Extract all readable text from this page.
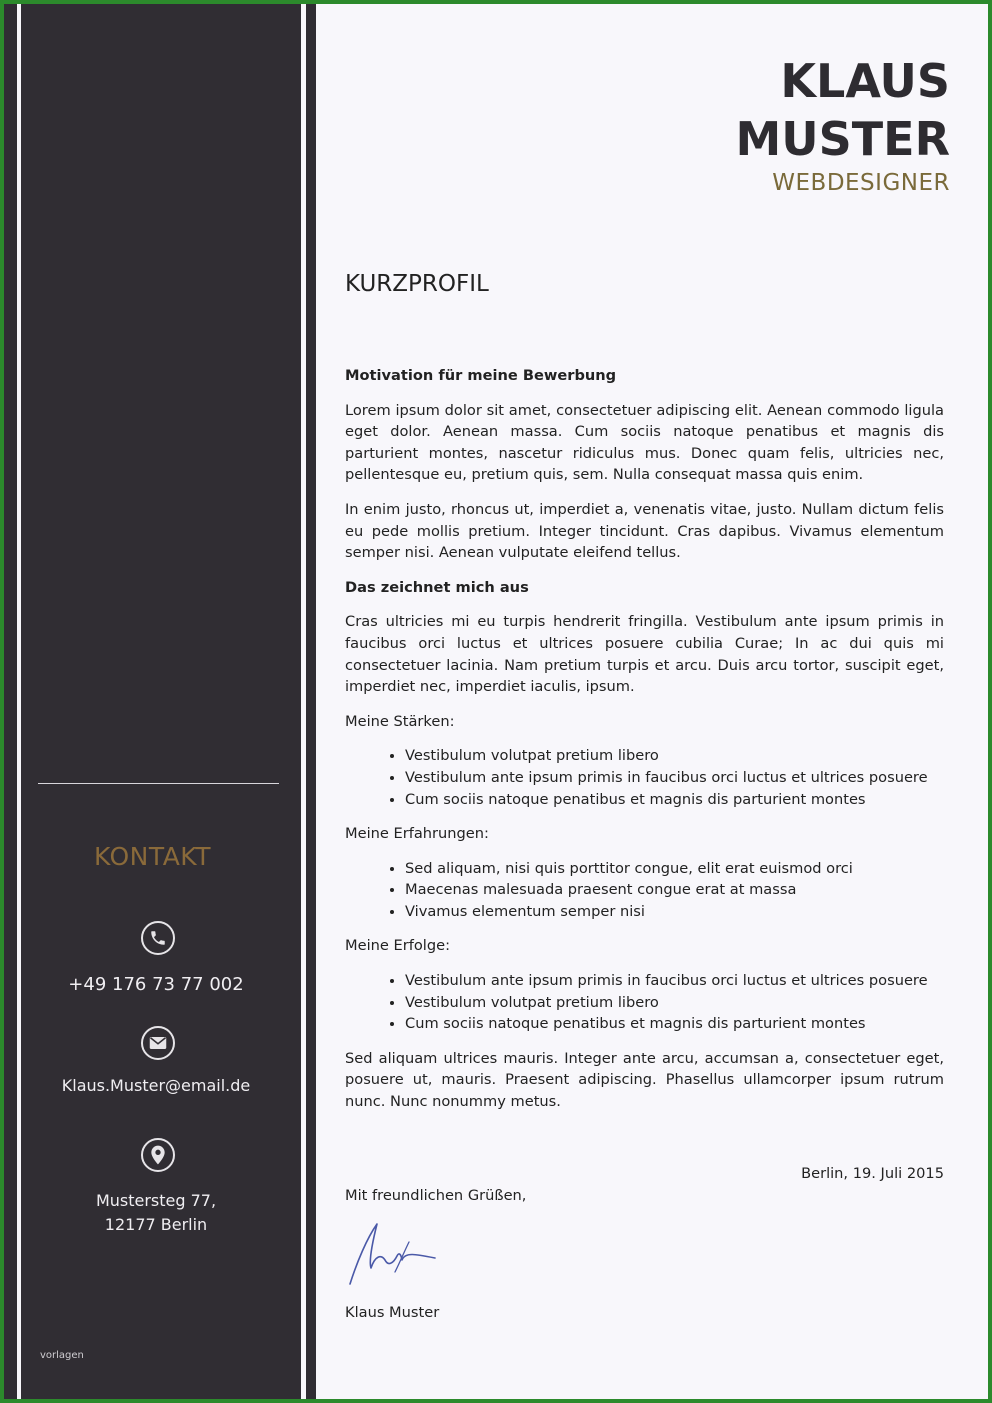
KONTAKT
+49 176 73 77 002
Klaus.Muster@email.de
Mustersteg 77,
12177 Berlin
vorlagen
KLAUS
MUSTER
WEBDESIGNER
KURZPROFIL

Motivation für meine Bewerbung

Lorem ipsum dolor sit amet, consectetuer adipiscing elit. Aenean commodo ligula eget dolor. Aenean massa. Cum sociis natoque penatibus et magnis dis parturient montes, nascetur ridiculus mus. Donec quam felis, ultricies nec, pellentesque eu, pretium quis, sem. Nulla consequat massa quis enim.

In enim justo, rhoncus ut, imperdiet a, venenatis vitae, justo. Nullam dictum felis eu pede mollis pretium. Integer tincidunt. Cras dapibus. Vivamus elementum semper nisi. Aenean vulputate eleifend tellus.

Das zeichnet mich aus

Cras ultricies mi eu turpis hendrerit fringilla. Vestibulum ante ipsum primis in faucibus orci luctus et ultrices posuere cubilia Curae; In ac dui quis mi consectetuer lacinia. Nam pretium turpis et arcu. Duis arcu tortor, suscipit eget, imperdiet nec, imperdiet iaculis, ipsum.

Meine Stärken:

• Vestibulum volutpat pretium libero
• Vestibulum ante ipsum primis in faucibus orci luctus et ultrices posuere
• Cum sociis natoque penatibus et magnis dis parturient montes

Meine Erfahrungen:

• Sed aliquam, nisi quis porttitor congue, elit erat euismod orci
• Maecenas malesuada praesent congue erat at massa
• Vivamus elementum semper nisi

Meine Erfolge:

• Vestibulum ante ipsum primis in faucibus orci luctus et ultrices posuere
• Vestibulum volutpat pretium libero
• Cum sociis natoque penatibus et magnis dis parturient montes

Sed aliquam ultrices mauris. Integer ante arcu, accumsan a, consectetuer eget, posuere ut, mauris. Praesent adipiscing. Phasellus ullamcorper ipsum rutrum nunc. Nunc nonummy metus.

Berlin, 19. Juli 2015
Mit freundlichen Grüßen,
Klaus Muster
